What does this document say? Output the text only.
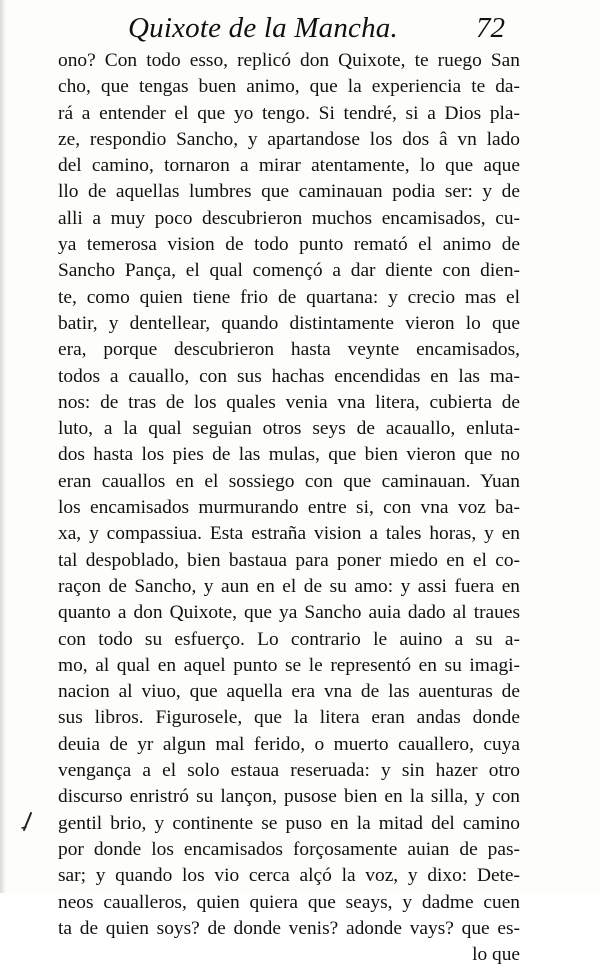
Quixote de la Mancha.	72
ono? Con todo esso, replicó don Quixote, te ruego San
cho, que tengas buen animo, que la experiencia te da-
rá a entender el que yo tengo. Si tendré, si a Dios pla-
ze, respondio Sancho, y apartandose los dos â vn lado
del camino, tornaron a mirar atentamente, lo que aque
llo de aquellas lumbres que caminauan podia ser: y de
alli a muy poco descubrieron muchos encamisados, cu-
ya temerosa vision de todo punto remató el animo de
Sancho Pança, el qual començó a dar diente con dien-
te, como quien tiene frio de quartana: y crecio mas el
batir, y dentellear, quando distintamente vieron lo que
era, porque descubrieron hasta veynte encamisados,
todos a cauallo, con sus hachas encendidas en las ma-
nos: de tras de los quales venia vna litera, cubierta de
luto, a la qual seguian otros seys de acauallo, enluta-
dos hasta los pies de las mulas, que bien vieron que no
eran cauallos en el sossiego con que caminauan. Yuan
los encamisados murmurando entre si, con vna voz ba-
xa, y compassiua. Esta estraña vision a tales horas, y en
tal despoblado, bien bastaua para poner miedo en el co-
raçon de Sancho, y aun en el de su amo: y assi fuera en
quanto a don Quixote, que ya Sancho auia dado al traues
con todo su esfuerço. Lo contrario le auino a su a-
mo, al qual en aquel punto se le representó en su imagi-
nacion al viuo, que aquella era vna de las auenturas de
sus libros. Figurosele, que la litera eran andas donde
deuia de yr algun mal ferido, o muerto cauallero, cuya
vengança a el solo estaua reseruada: y sin hazer otro
discurso enristró su lançon, pusose bien en la silla, y con
gentil brio, y continente se puso en la mitad del camino
por donde los encamisados forçosamente auian de pas-
sar; y quando los vio cerca alçó la voz, y dixo: Dete-
neos caualleros, quien quiera que seays, y dadme cuen
ta de quien soys? de donde venis? adonde vays? que es-
lo que
